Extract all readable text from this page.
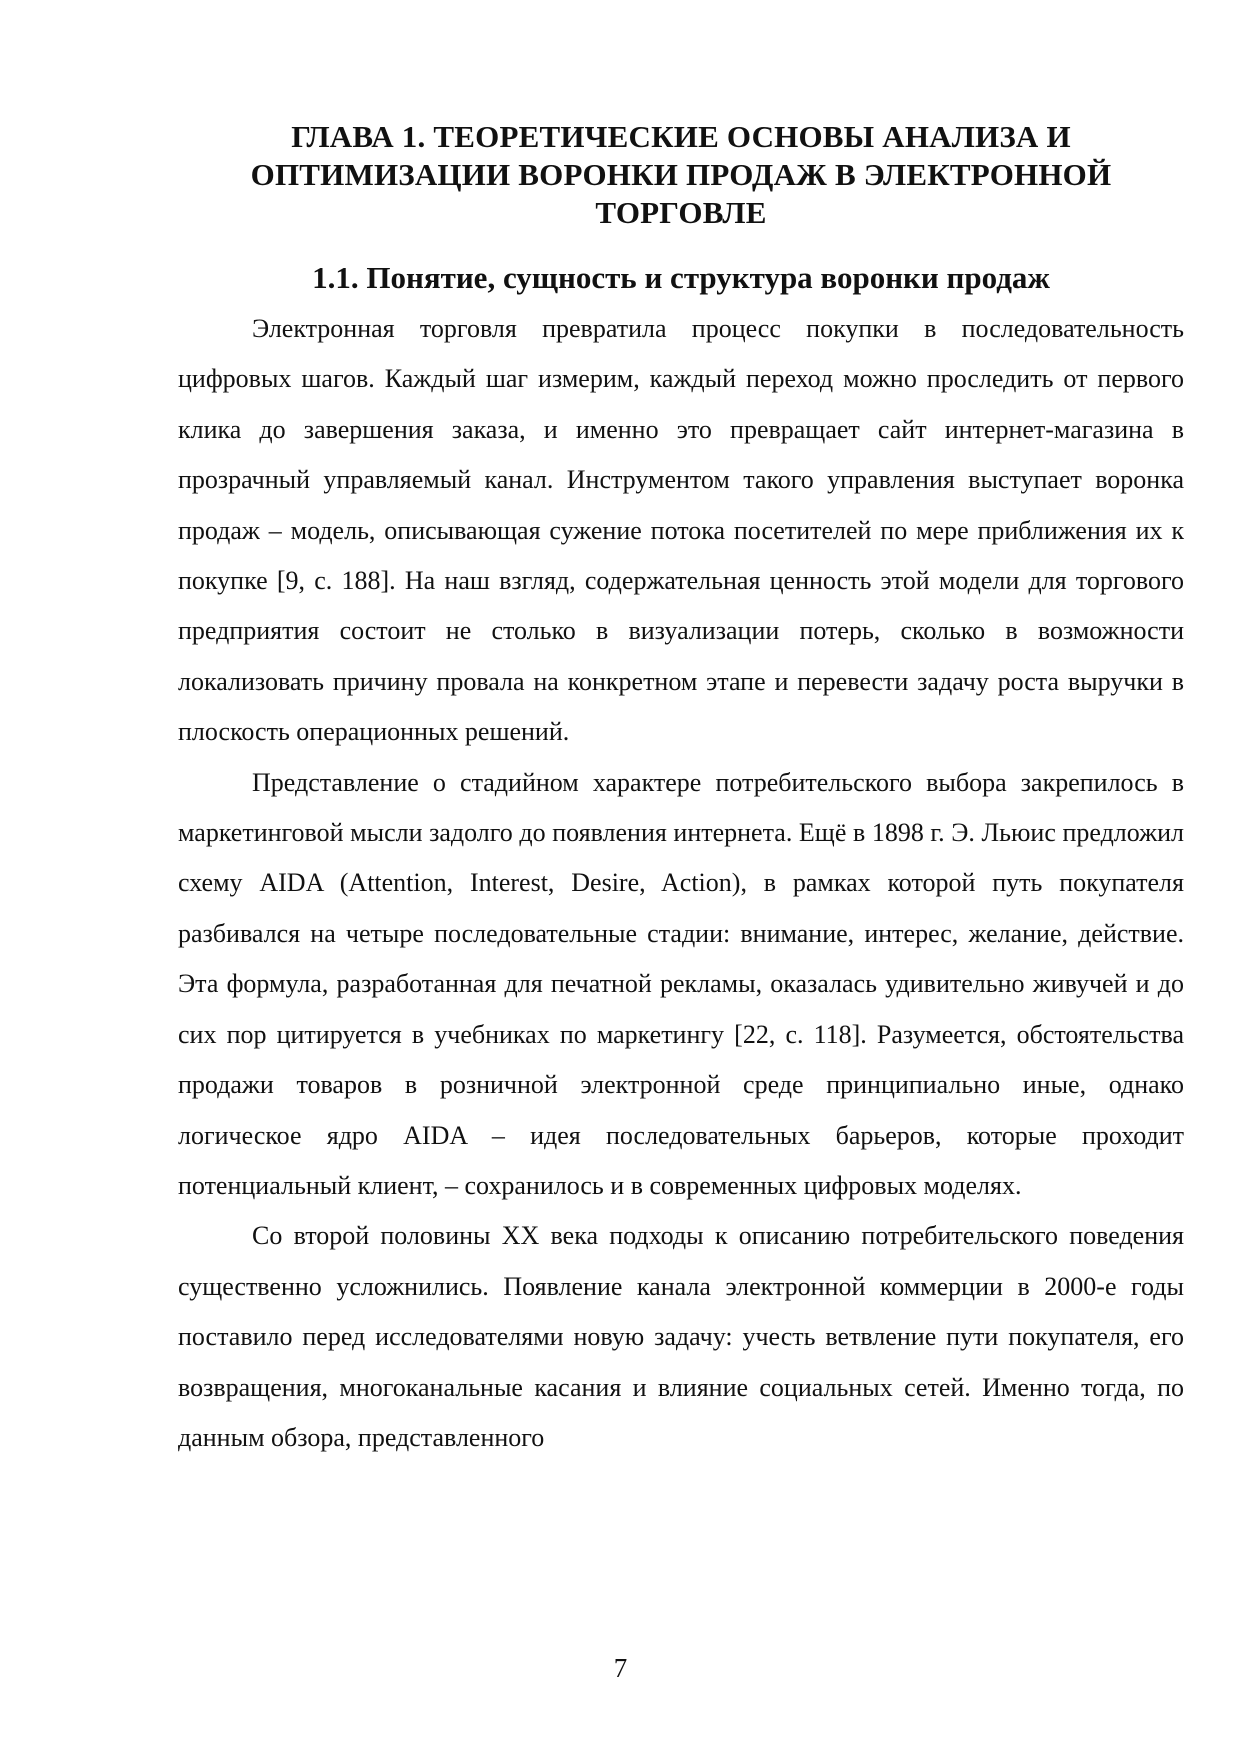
ГЛАВА 1. ТЕОРЕТИЧЕСКИЕ ОСНОВЫ АНАЛИЗА И
ОПТИМИЗАЦИИ ВОРОНКИ ПРОДАЖ В ЭЛЕКТРОННОЙ
ТОРГОВЛЕ
1.1. Понятие, сущность и структура воронки продаж

Электронная торговля превратила процесс покупки в последовательность цифровых шагов. Каждый шаг измерим, каждый переход можно проследить от первого клика до завершения заказа, и именно это превращает сайт интернет-магазина в прозрачный управляемый канал. Инструментом такого управления выступает воронка продаж – модель, описывающая сужение потока посетителей по мере приближения их к покупке [9, с. 188]. На наш взгляд, содержательная ценность этой модели для торгового предприятия состоит не столько в визуализации потерь, сколько в возможности локализовать причину провала на конкретном этапе и перевести задачу роста выручки в плоскость операционных решений.

Представление о стадийном характере потребительского выбора закрепилось в маркетинговой мысли задолго до появления интернета. Ещё в 1898 г. Э. Льюис предложил схему AIDA (Attention, Interest, Desire, Action), в рамках которой путь покупателя разбивался на четыре последовательные стадии: внимание, интерес, желание, действие. Эта формула, разработанная для печатной рекламы, оказалась удивительно живучей и до сих пор цитируется в учебниках по маркетингу [22, с. 118]. Разумеется, обстоятельства продажи товаров в розничной электронной среде принципиально иные, однако логическое ядро AIDA – идея последовательных барьеров, которые проходит потенциальный клиент, – сохранилось и в современных цифровых моделях.

Со второй половины XX века подходы к описанию потребительского поведения существенно усложнились. Появление канала электронной коммерции в 2000-е годы поставило перед исследователями новую задачу: учесть ветвление пути покупателя, его возвращения, многоканальные касания и влияние социальных сетей. Именно тогда, по данным обзора, представленного

7
